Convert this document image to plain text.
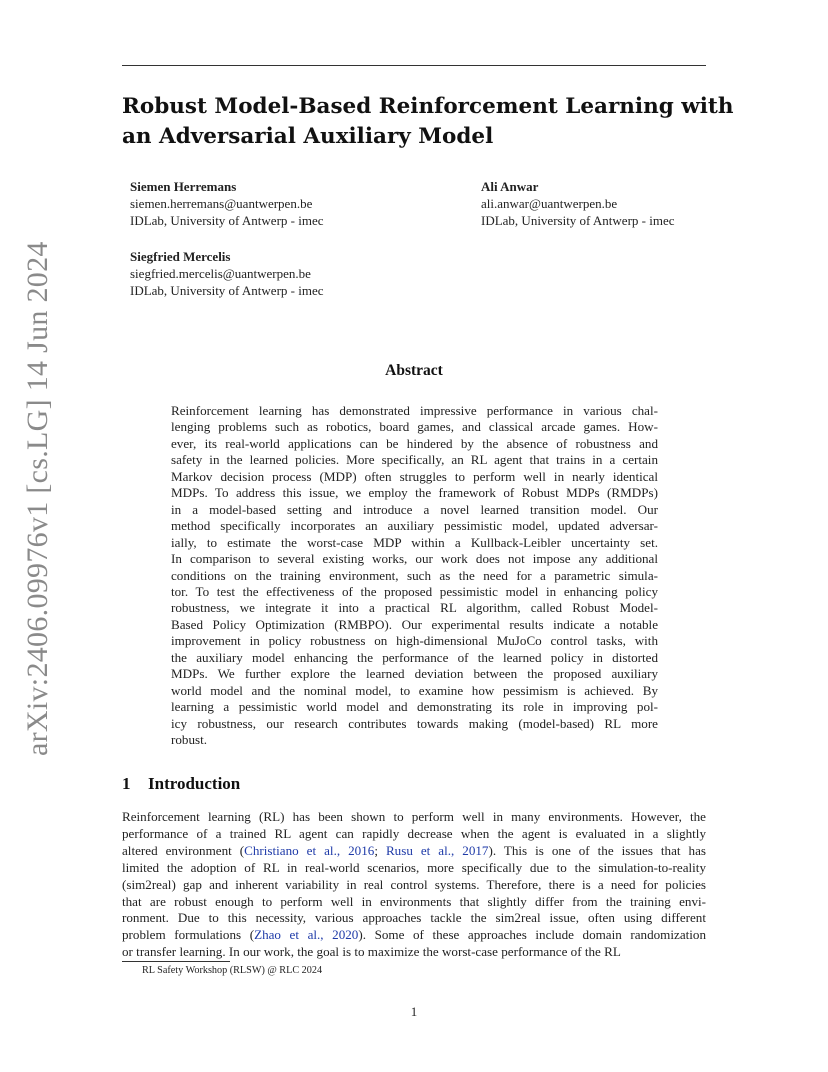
arXiv:2406.09976v1 [cs.LG] 14 Jun 2024
Robust Model-Based Reinforcement Learning with
an Adversarial Auxiliary Model
Siemen Herremans
siemen.herremans@uantwerpen.be
IDLab, University of Antwerp - imec
Ali Anwar
ali.anwar@uantwerpen.be
IDLab, University of Antwerp - imec
Siegfried Mercelis
siegfried.mercelis@uantwerpen.be
IDLab, University of Antwerp - imec
Abstract
Reinforcement learning has demonstrated impressive performance in various chal-
lenging problems such as robotics, board games, and classical arcade games. How-
ever, its real-world applications can be hindered by the absence of robustness and
safety in the learned policies. More specifically, an RL agent that trains in a certain
Markov decision process (MDP) often struggles to perform well in nearly identical
MDPs. To address this issue, we employ the framework of Robust MDPs (RMDPs)
in a model-based setting and introduce a novel learned transition model. Our
method specifically incorporates an auxiliary pessimistic model, updated adversar-
ially, to estimate the worst-case MDP within a Kullback-Leibler uncertainty set.
In comparison to several existing works, our work does not impose any additional
conditions on the training environment, such as the need for a parametric simula-
tor. To test the effectiveness of the proposed pessimistic model in enhancing policy
robustness, we integrate it into a practical RL algorithm, called Robust Model-
Based Policy Optimization (RMBPO). Our experimental results indicate a notable
improvement in policy robustness on high-dimensional MuJoCo control tasks, with
the auxiliary model enhancing the performance of the learned policy in distorted
MDPs. We further explore the learned deviation between the proposed auxiliary
world model and the nominal model, to examine how pessimism is achieved. By
learning a pessimistic world model and demonstrating its role in improving pol-
icy robustness, our research contributes towards making (model-based) RL more
robust.
1 Introduction
Reinforcement learning (RL) has been shown to perform well in many environments. However, the
performance of a trained RL agent can rapidly decrease when the agent is evaluated in a slightly
altered environment (Christiano et al., 2016; Rusu et al., 2017). This is one of the issues that has
limited the adoption of RL in real-world scenarios, more specifically due to the simulation-to-reality
(sim2real) gap and inherent variability in real control systems. Therefore, there is a need for policies
that are robust enough to perform well in environments that slightly differ from the training envi-
ronment. Due to this necessity, various approaches tackle the sim2real issue, often using different
problem formulations (Zhao et al., 2020). Some of these approaches include domain randomization
or transfer learning. In our work, the goal is to maximize the worst-case performance of the RL
RL Safety Workshop (RLSW) @ RLC 2024
1
